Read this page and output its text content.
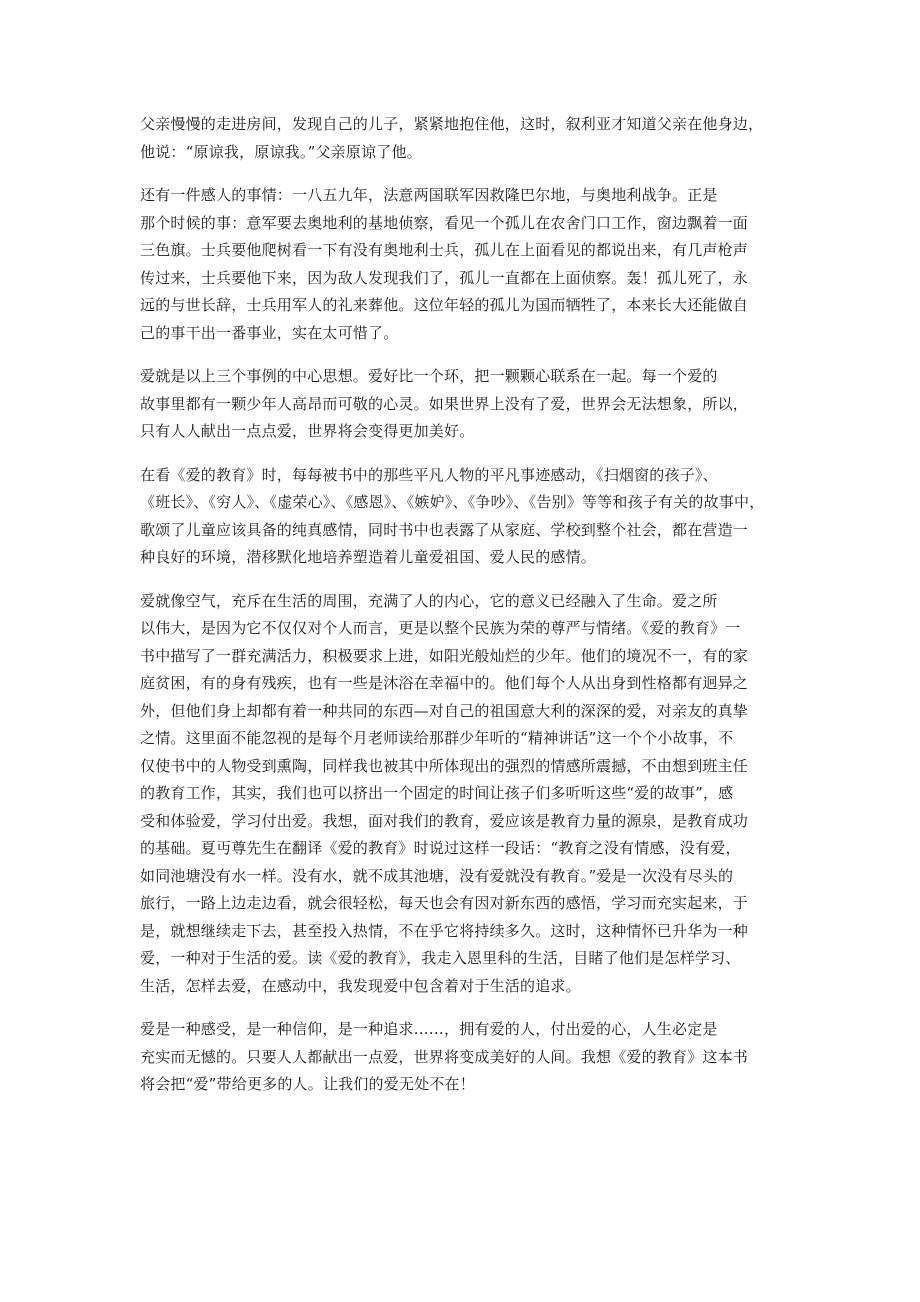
父亲慢慢的走进房间，发现自己的儿子，紧紧地抱住他，这时，叙利亚才知道父亲在他身边，
他说：“原谅我，原谅我。”父亲原谅了他。

还有一件感人的事情：一八五九年，法意两国联军因救隆巴尔地，与奥地利战争。正是
那个时候的事：意军要去奥地利的基地侦察，看见一个孤儿在农舍门口工作，窗边飘着一面
三色旗。士兵要他爬树看一下有没有奥地利士兵，孤儿在上面看见的都说出来，有几声枪声
传过来，士兵要他下来，因为敌人发现我们了，孤儿一直都在上面侦察。轰！孤儿死了，永
远的与世长辞，士兵用军人的礼来葬他。这位年轻的孤儿为国而牺牲了，本来长大还能做自
己的事干出一番事业，实在太可惜了。

爱就是以上三个事例的中心思想。爱好比一个环，把一颗颗心联系在一起。每一个爱的
故事里都有一颗少年人高昂而可敬的心灵。如果世界上没有了爱，世界会无法想象，所以，
只有人人献出一点点爱，世界将会变得更加美好。

在看《爱的教育》时，每每被书中的那些平凡人物的平凡事迹感动，《扫烟窗的孩子》、
《班长》、《穷人》、《虚荣心》、《感恩》、《嫉妒》、《争吵》、《告别》等等和孩子有关的故事中，
歌颂了儿童应该具备的纯真感情，同时书中也表露了从家庭、学校到整个社会，都在营造一
种良好的环境，潜移默化地培养塑造着儿童爱祖国、爱人民的感情。

爱就像空气，充斥在生活的周围，充满了人的内心，它的意义已经融入了生命。爱之所
以伟大，是因为它不仅仅对个人而言，更是以整个民族为荣的尊严与情绪。《爱的教育》一
书中描写了一群充满活力，积极要求上进，如阳光般灿烂的少年。他们的境况不一，有的家
庭贫困，有的身有残疾，也有一些是沐浴在幸福中的。他们每个人从出身到性格都有迥异之
外，但他们身上却都有着一种共同的东西—对自己的祖国意大利的深深的爱，对亲友的真挚
之情。这里面不能忽视的是每个月老师读给那群少年听的“精神讲话”这一个个小故事，不
仅使书中的人物受到熏陶，同样我也被其中所体现出的强烈的情感所震撼，不由想到班主任
的教育工作，其实，我们也可以挤出一个固定的时间让孩子们多听听这些“爱的故事”，感
受和体验爱，学习付出爱。我想，面对我们的教育，爱应该是教育力量的源泉，是教育成功
的基础。夏丏尊先生在翻译《爱的教育》时说过这样一段话：“教育之没有情感，没有爱，
如同池塘没有水一样。没有水，就不成其池塘，没有爱就没有教育。”爱是一次没有尽头的
旅行，一路上边走边看，就会很轻松，每天也会有因对新东西的感悟，学习而充实起来，于
是，就想继续走下去，甚至投入热情，不在乎它将持续多久。这时，这种情怀已升华为一种
爱，一种对于生活的爱。读《爱的教育》，我走入恩里科的生活，目睹了他们是怎样学习、
生活，怎样去爱，在感动中，我发现爱中包含着对于生活的追求。

爱是一种感受，是一种信仰，是一种追求……，拥有爱的人，付出爱的心，人生必定是
充实而无憾的。只要人人都献出一点爱，世界将变成美好的人间。我想《爱的教育》这本书
将会把“爱”带给更多的人。让我们的爱无处不在！
